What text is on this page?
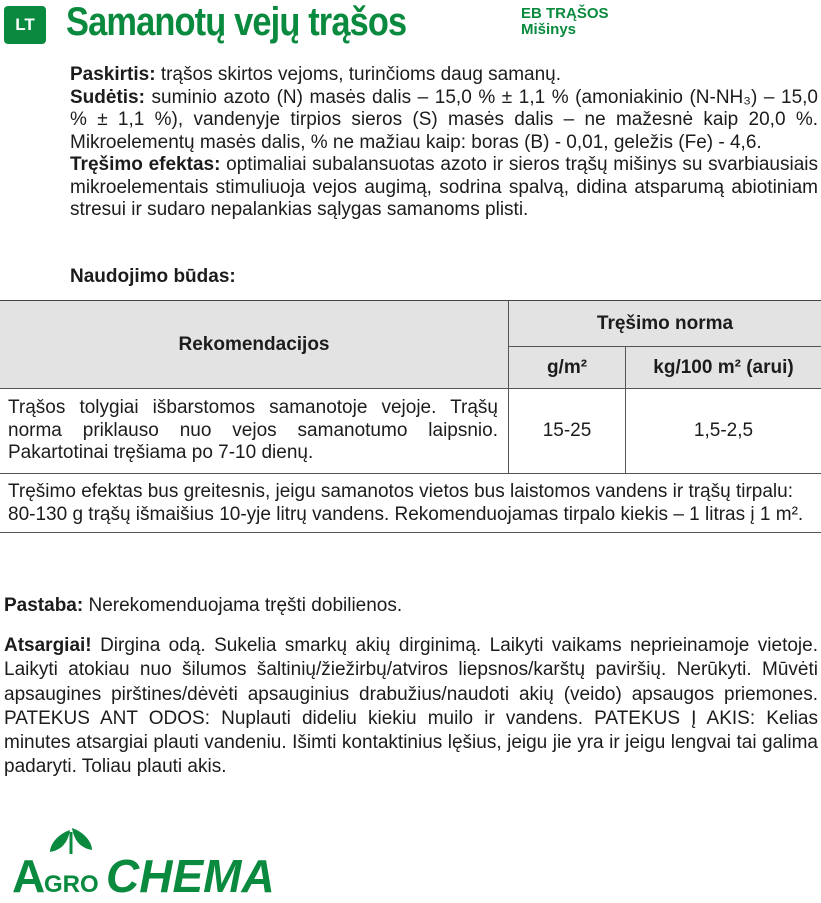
LT Samanotų vejų trąšos	EB TRĄŠOS
Mišinys

Paskirtis: trąšos skirtos vejoms, turinčioms daug samanų.

Sudėtis: suminio azoto (N) masės dalis – 15,0 % ± 1,1 % (amoniakinio (N-NH₃) – 15,0 % ± 1,1 %), vandenyje tirpios sieros (S) masės dalis – ne mažesnė kaip 20,0 %. Mikroelementų masės dalis, % ne mažiau kaip: boras (B) - 0,01, geležis (Fe) - 4,6.

Tręšimo efektas: optimaliai subalansuotas azoto ir sieros trąšų mišinys su svarbiausiais mikroelementais stimuliuoja vejos augimą, sodrina spalvą, didina atsparumą abiotiniam stresui ir sudaro nepalankias sąlygas samanoms plisti.

Naudojimo būdas:
Rekomendacijos	Tręšimo norma	
	g/m²	kg/100 m² (arui)
Trąšos tolygiai išbarstomos samanotoje vejoje. Trąšų norma priklauso nuo vejos samanotumo laipsnio. Pakartotinai tręšiama po 7-10 dienų.	15-25	1,5-2,5
Tręšimo efektas bus greitesnis, jeigu samanotos vietos bus laistomos vandens ir trąšų tirpalu: 80-130 g trąšų išmaišius 10-yje litrų vandens. Rekomenduojamas tirpalo kiekis – 1 litras į 1 m².		
Pastaba: Nerekomenduojama tręšti dobilienos.
Atsargiai! Dirgina odą. Sukelia smarkų akių dirginimą. Laikyti vaikams neprieinamoje vietoje. Laikyti atokiau nuo šilumos šaltinių/žiežirbų/atviros liepsnos/karštų paviršių. Nerūkyti. Mūvėti apsaugines pirštines/dėvėti apsauginius drabužius/naudoti akių (veido) apsaugos priemones. PATEKUS ANT ODOS: Nuplauti dideliu kiekiu muilo ir vandens. PATEKUS Į AKIS: Kelias minutes atsargiai plauti vandeniu. Išimti kontaktinius lęšius, jeigu jie yra ir jeigu lengvai tai galima padaryti. Toliau plauti akis.
A
GRO CHEMA
